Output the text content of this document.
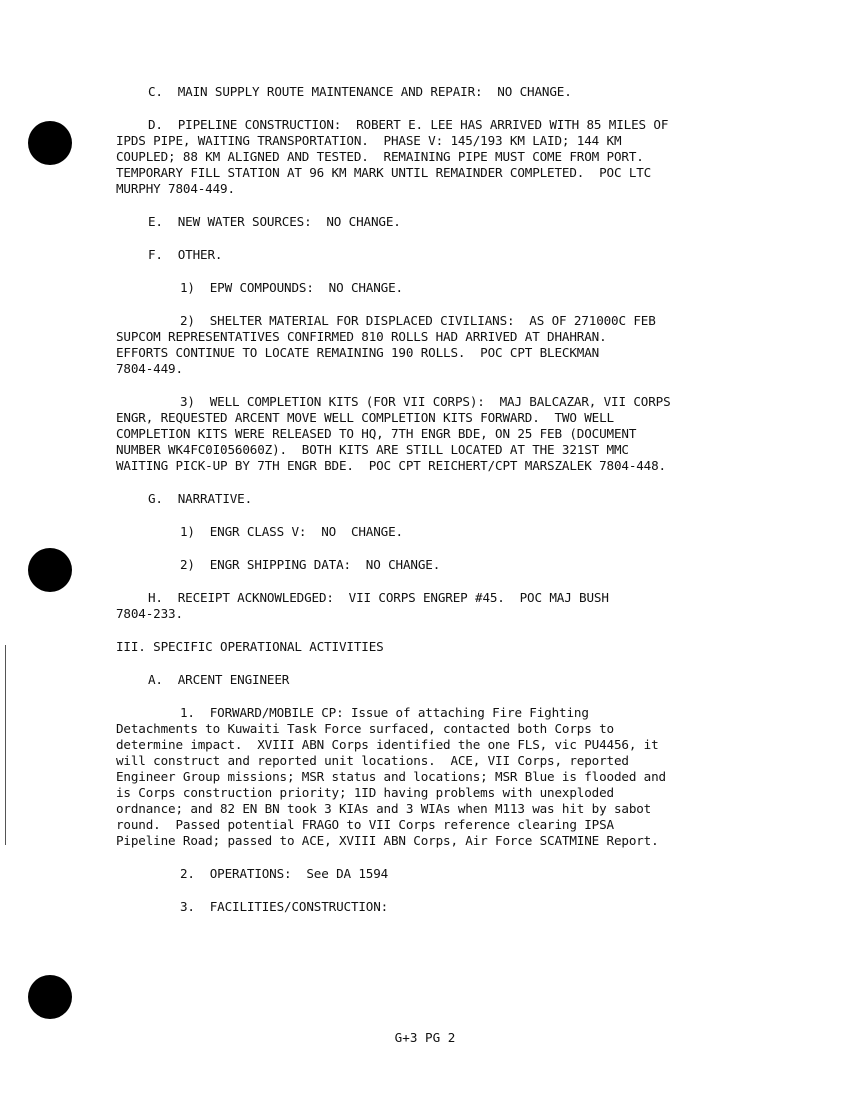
C.  MAIN SUPPLY ROUTE MAINTENANCE AND REPAIR:  NO CHANGE.
D.  PIPELINE CONSTRUCTION:  ROBERT E. LEE HAS ARRIVED WITH 85 MILES OF
IPDS PIPE, WAITING TRANSPORTATION.  PHASE V: 145/193 KM LAID; 144 KM
COUPLED; 88 KM ALIGNED AND TESTED.  REMAINING PIPE MUST COME FROM PORT.
TEMPORARY FILL STATION AT 96 KM MARK UNTIL REMAINDER COMPLETED.  POC LTC
MURPHY 7804-449.
E.  NEW WATER SOURCES:  NO CHANGE.
F.  OTHER.
1)  EPW COMPOUNDS:  NO CHANGE.
2)  SHELTER MATERIAL FOR DISPLACED CIVILIANS:  AS OF 271000C FEB
SUPCOM REPRESENTATIVES CONFIRMED 810 ROLLS HAD ARRIVED AT DHAHRAN.
EFFORTS CONTINUE TO LOCATE REMAINING 190 ROLLS.  POC CPT BLECKMAN
7804-449.
3)  WELL COMPLETION KITS (FOR VII CORPS):  MAJ BALCAZAR, VII CORPS
ENGR, REQUESTED ARCENT MOVE WELL COMPLETION KITS FORWARD.  TWO WELL
COMPLETION KITS WERE RELEASED TO HQ, 7TH ENGR BDE, ON 25 FEB (DOCUMENT
NUMBER WK4FC0I056060Z).  BOTH KITS ARE STILL LOCATED AT THE 321ST MMC
WAITING PICK-UP BY 7TH ENGR BDE.  POC CPT REICHERT/CPT MARSZALEK 7804-448.
G.  NARRATIVE.
1)  ENGR CLASS V:  NO  CHANGE.
2)  ENGR SHIPPING DATA:  NO CHANGE.
H.  RECEIPT ACKNOWLEDGED:  VII CORPS ENGREP #45.  POC MAJ BUSH
7804-233.
III. SPECIFIC OPERATIONAL ACTIVITIES
A.  ARCENT ENGINEER
1.  FORWARD/MOBILE CP: Issue of attaching Fire Fighting
Detachments to Kuwaiti Task Force surfaced, contacted both Corps to
determine impact.  XVIII ABN Corps identified the one FLS, vic PU4456, it
will construct and reported unit locations.  ACE, VII Corps, reported
Engineer Group missions; MSR status and locations; MSR Blue is flooded and
is Corps construction priority; 1ID having problems with unexploded
ordnance; and 82 EN BN took 3 KIAs and 3 WIAs when M113 was hit by sabot
round.  Passed potential FRAGO to VII Corps reference clearing IPSA
Pipeline Road; passed to ACE, XVIII ABN Corps, Air Force SCATMINE Report.
2.  OPERATIONS:  See DA 1594
3.  FACILITIES/CONSTRUCTION:
G+3 PG 2
